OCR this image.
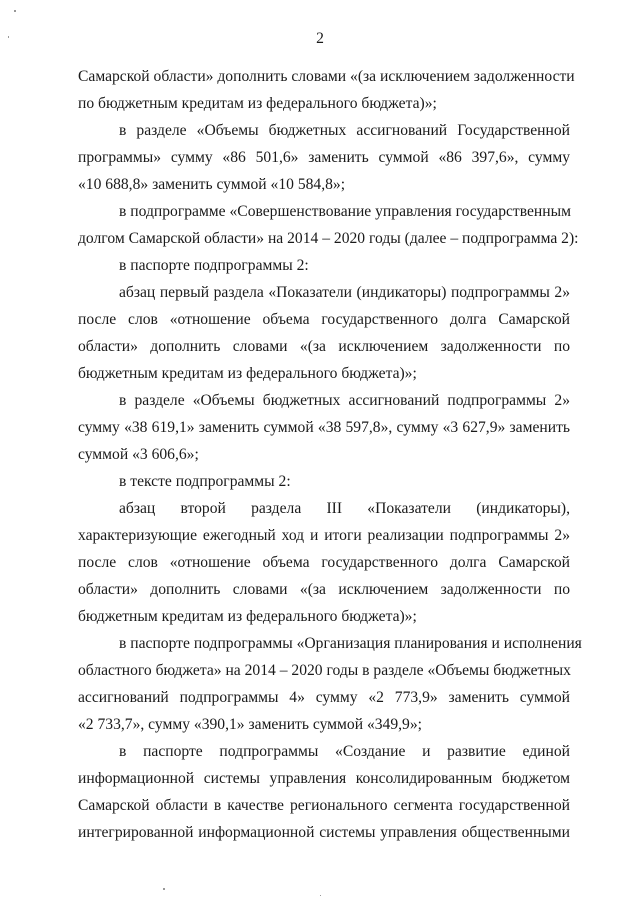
2
Самарской области» дополнить словами «(за исключением задолженности
по бюджетным кредитам из федерального бюджета)»;
в разделе «Объемы бюджетных ассигнований Государственной
программы» сумму «86 501,6» заменить суммой «86 397,6», сумму
«10 688,8» заменить суммой «10 584,8»;
в подпрограмме «Совершенствование управления государственным
долгом Самарской области» на 2014 – 2020 годы (далее – подпрограмма 2):
в паспорте подпрограммы 2:
абзац первый раздела «Показатели (индикаторы) подпрограммы 2»
после слов «отношение объема государственного долга Самарской
области» дополнить словами «(за исключением задолженности по
бюджетным кредитам из федерального бюджета)»;
в разделе «Объемы бюджетных ассигнований подпрограммы 2»
сумму «38 619,1» заменить суммой «38 597,8», сумму «3 627,9» заменить
суммой «3 606,6»;
в тексте подпрограммы 2:
абзац второй раздела III «Показатели (индикаторы),
характеризующие ежегодный ход и итоги реализации подпрограммы 2»
после слов «отношение объема государственного долга Самарской
области» дополнить словами «(за исключением задолженности по
бюджетным кредитам из федерального бюджета)»;
в паспорте подпрограммы «Организация планирования и исполнения
областного бюджета» на 2014 – 2020 годы в разделе «Объемы бюджетных
ассигнований подпрограммы 4» сумму «2 773,9» заменить суммой
«2 733,7», сумму «390,1» заменить суммой «349,9»;
в паспорте подпрограммы «Создание и развитие единой
информационной системы управления консолидированным бюджетом
Самарской области в качестве регионального сегмента государственной
интегрированной информационной системы управления общественными
